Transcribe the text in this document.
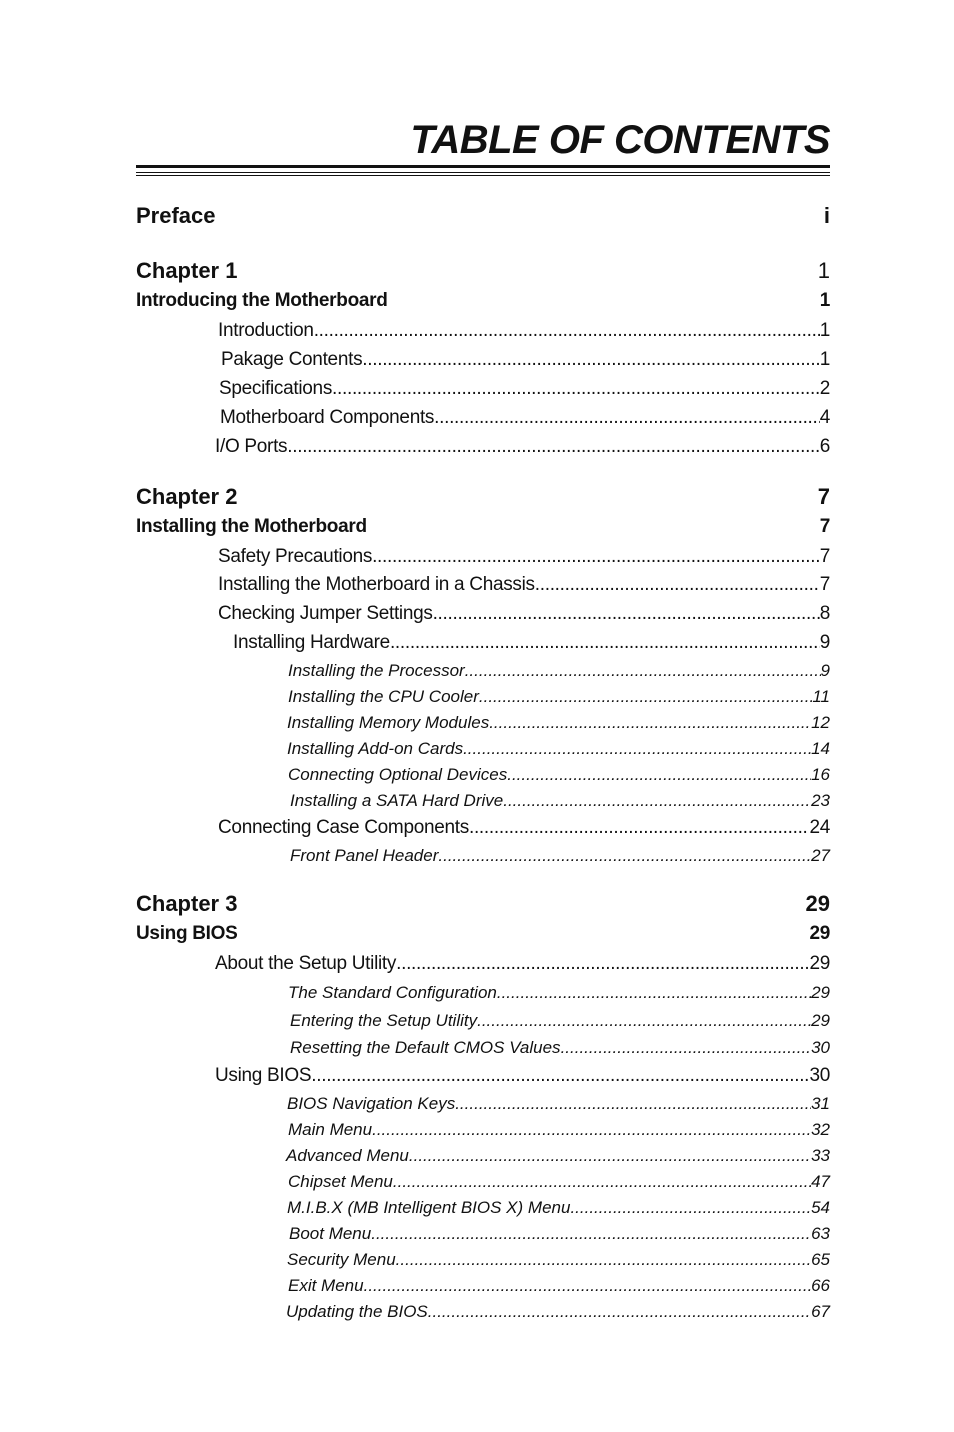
TABLE OF CONTENTS
Preface	i
Chapter 1	1
Introducing the Motherboard	1
Introduction .....	1
Pakage Contents .....	1
Specifications .....	2
Motherboard Components .....	4
I/O Ports .....	6
Chapter 2	7
Installing the Motherboard	7
Safety Precautions .....	7
Installing the Motherboard in a Chassis .....	7
Checking Jumper Settings .....	8
Installing Hardware .....	9
Installing the Processor .....	9
Installing the CPU Cooler .....	11
Installing Memory Modules .....	12
Installing Add-on Cards .....	14
Connecting Optional Devices .....	16
Installing a SATA Hard Drive .....	23
Connecting Case Components .....	24
Front Panel Header .....	27
Chapter 3	29
Using BIOS	29
About the Setup Utility .....	29
The Standard Configuration .....	29
Entering the Setup Utility .....	29
Resetting the Default CMOS Values .....	30
Using BIOS .....	30
BIOS Navigation Keys .....	31
Main Menu .....	32
Advanced Menu .....	33
Chipset Menu .....	47
M.I.B.X (MB Intelligent BIOS X) Menu .....	54
Boot Menu .....	63
Security Menu .....	65
Exit Menu .....	66
Updating the BIOS .....	67
